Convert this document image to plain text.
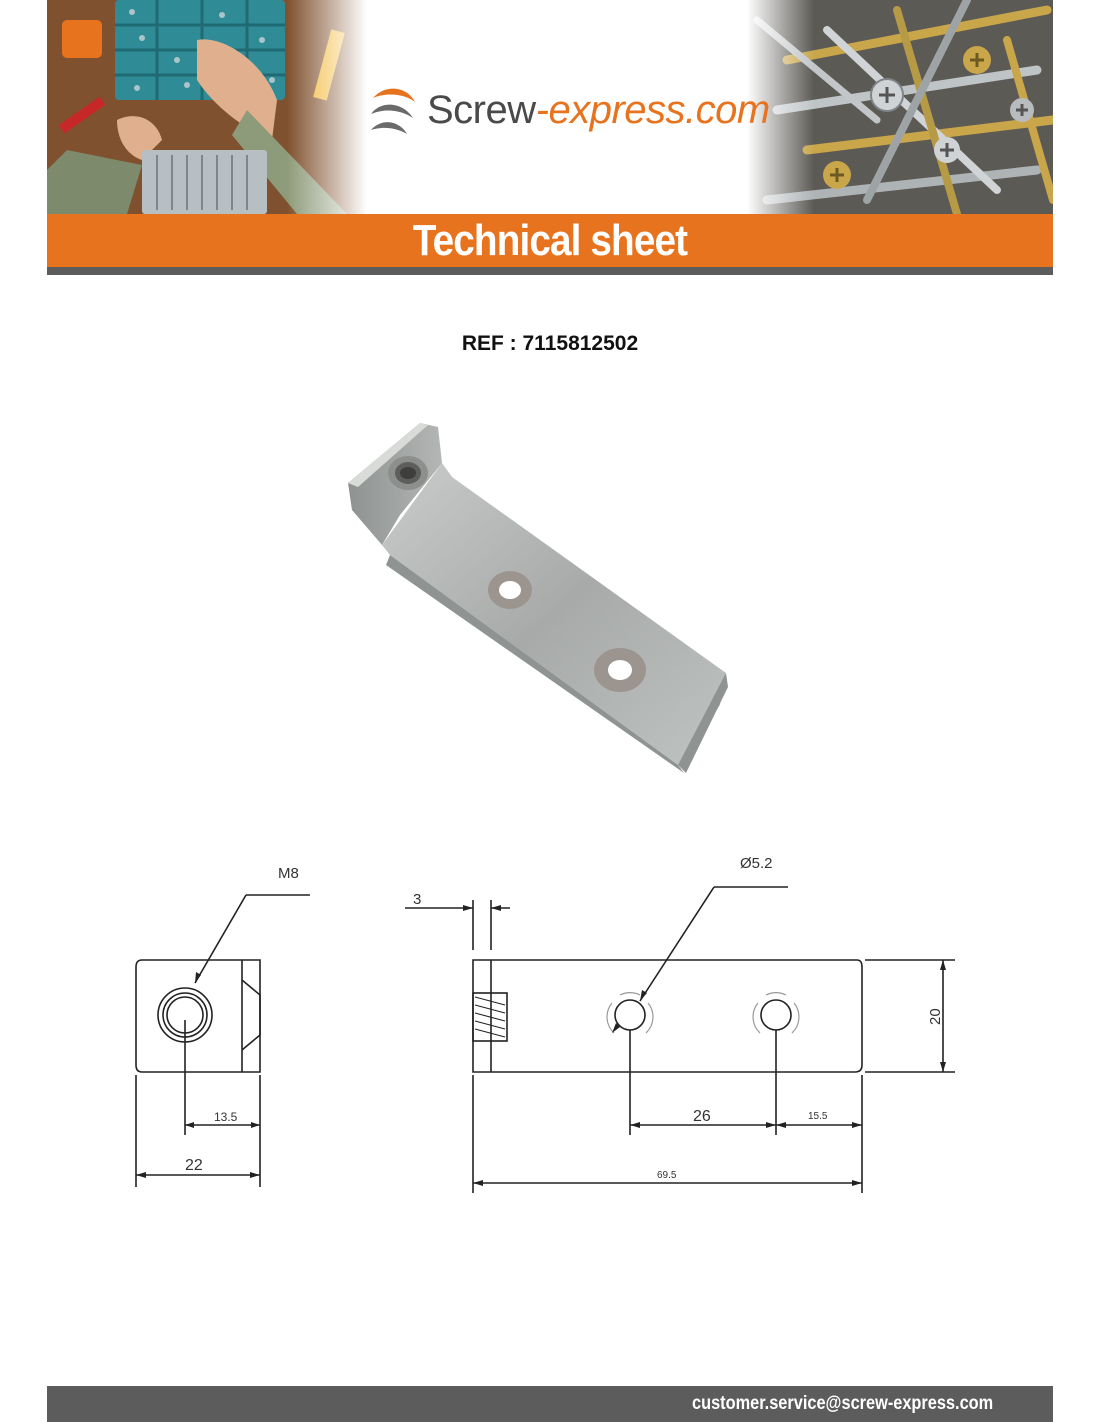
Screw-express.com
Technical sheet
REF : 7115812502
M8
Ø5.2
3
20
13.5
22
26	15.5
69.5
customer.service@screw-express.com
